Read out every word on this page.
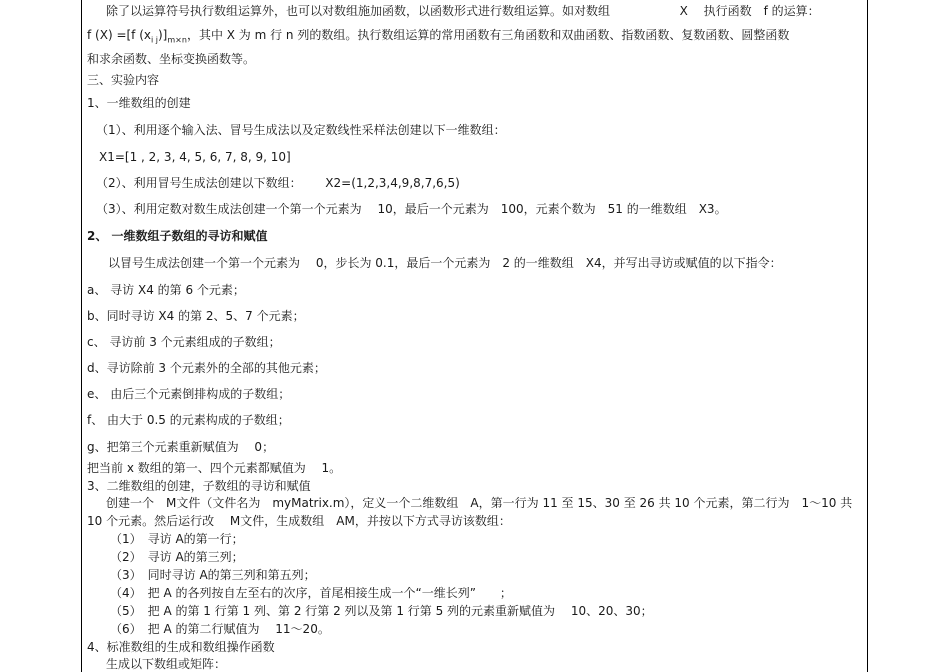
除了以运算符号执行数组运算外，也可以对数组施加函数，以函数形式进行数组运算。如对数组	X 执行函数　f 的运算：
f (X) =[f $(x_{i j})]_{m\times n}$，其中 X 为 m 行 n 列的数组。执行数组运算的常用函数有三角函数和双曲函数、指数函数、复数函数、圆整函数
和求余函数、坐标变换函数等。
三、实验内容
1、一维数组的创建
（1）、利用逐个输入法、冒号生成法以及定数线性采样法创建以下一维数组：
X1=[1 , 2, 3, 4, 5, 6, 7, 8, 9, 10]
（2）、利用冒号生成法创建以下数组： X2=(1,2,3,4,9,8,7,6,5)
（3）、利用定数对数生成法创建一个第一个元素为　 10，最后一个元素为　100，元素个数为　51 的一维数组　X3。
2、 一维数组子数组的寻访和赋值
以冒号生成法创建一个第一个元素为　 0，步长为 0.1，最后一个元素为　2 的一维数组　X4，并写出寻访或赋值的以下指令：
a、 寻访 X4 的第 6 个元素；
b、同时寻访 X4 的第 2、5、7 个元素；
c、 寻访前 3 个元素组成的子数组；
d、寻访除前 3 个元素外的全部的其他元素；
e、 由后三个元素倒排构成的子数组；
f、 由大于 0.5 的元素构成的子数组；
g、把第三个元素重新赋值为　 0；
把当前 x 数组的第一、四个元素都赋值为　 1。
3、二维数组的创建，子数组的寻访和赋值
创建一个　M文件（文件名为　myMatrix.m），定义一个二维数组　A，第一行为 11 至 15、30 至 26 共 10 个元素，第二行为　1～10 共
10 个元素。然后运行改　 M文件，生成数组　AM，并按以下方式寻访该数组：
（1）　寻访 A的第一行；
（2）　寻访 A的第三列；
（3）　同时寻访 A的第三列和第五列；
（4）　把 A 的各列按自左至右的次序，首尾相接生成一个“一维长列”　　；
（5）　把 A 的第 1 行第 1 列、第 2 行第 2 列以及第 1 行第 5 列的元素重新赋值为　 10、20、30；
（6）　把 A 的第二行赋值为　 11～20。
4、标准数组的生成和数组操作函数
生成以下数组或矩阵：
